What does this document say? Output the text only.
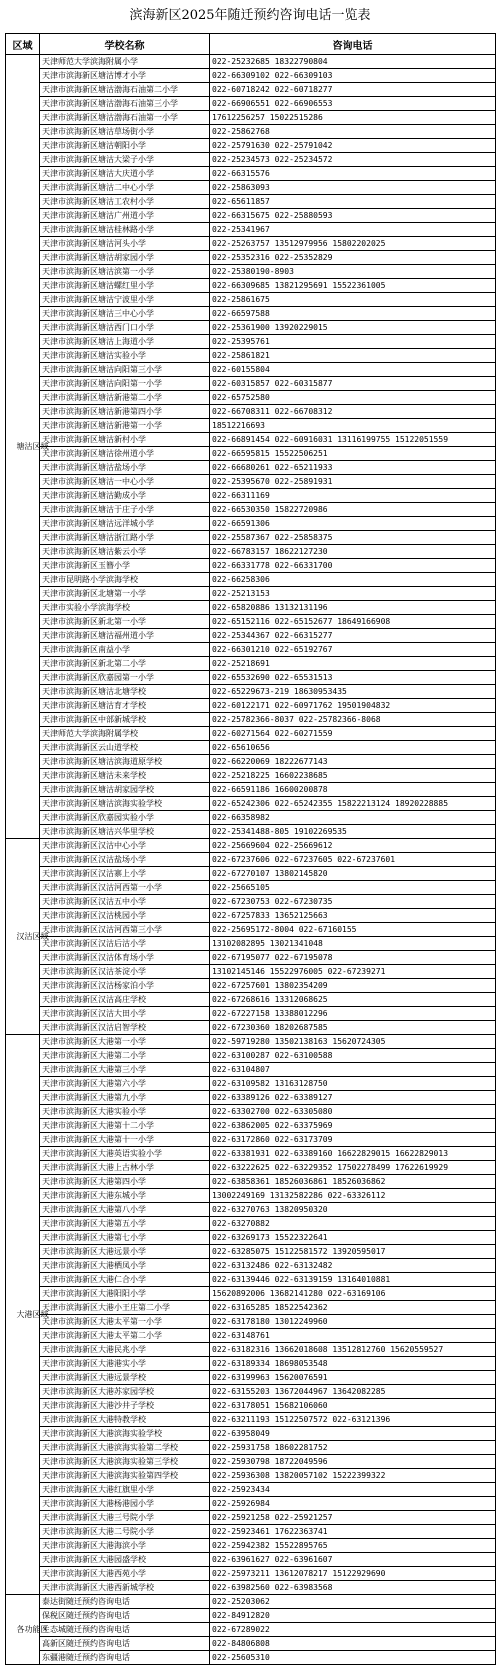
滨海新区2025年随迁预约咨询电话一览表
区域	学校名称	咨询电话
塘沽区域	天津师范大学滨海附属小学	022-25232685 18322790804
	天津市滨海新区塘沽博才小学	022-66309102 022-66309103
	天津市滨海新区塘沽渤海石油第二小学	022-60718242 022-60718277
	天津市滨海新区塘沽渤海石油第三小学	022-66906551 022-66906553
	天津市滨海新区塘沽渤海石油第一小学	17612256257 15022515286
	天津市滨海新区塘沽草场街小学	022-25862768
	天津市滨海新区塘沽朝阳小学	022-25791630 022-25791042
	天津市滨海新区塘沽大梁子小学	022-25234573 022-25234572
	天津市滨海新区塘沽大庆道小学	022-66315576
	天津市滨海新区塘沽二中心小学	022-25863093
	天津市滨海新区塘沽工农村小学	022-65611857
	天津市滨海新区塘沽广州道小学	022-66315675 022-25880593
	天津市滨海新区塘沽桂林路小学	022-25341967
	天津市滨海新区塘沽河头小学	022-25263757 13512979956 15802202025
	天津市滨海新区塘沽胡家园小学	022-25352316 022-25352829
	天津市滨海新区塘沽滨第一小学	022-25380190-8903
	天津市滨海新区塘沽螺红里小学	022-66309685 13821295691 15522361005
	天津市滨海新区塘沽宁波里小学	022-25861675
	天津市滨海新区塘沽三中心小学	022-66597588
	天津市滨海新区塘沽西门口小学	022-25361900 13920229015
	天津市滨海新区塘沽上海道小学	022-25395761
	天津市滨海新区塘沽实验小学	022-25861821
	天津市滨海新区塘沽向阳第三小学	022-60155804
	天津市滨海新区塘沽向阳第一小学	022-60315857 022-60315877
	天津市滨海新区塘沽新港第二小学	022-65752580
	天津市滨海新区塘沽新港第四小学	022-66708311 022-66708312
	天津市滨海新区塘沽新港第一小学	18512216693
	天津市滨海新区塘沽新村小学	022-66891454 022-60916031 13116199755 15122051559
	天津市滨海新区塘沽徐州道小学	022-66595815 15522506251
	天津市滨海新区塘沽盐场小学	022-66680261 022-65211933
	天津市滨海新区塘沽一中心小学	022-25395670 022-25891931
	天津市滨海新区塘沽勤成小学	022-66311169
	天津市滨海新区塘沽于庄子小学	022-66530350 15822720986
	天津市滨海新区塘沽远洋城小学	022-66591306
	天津市滨海新区塘沽浙江路小学	022-25587367 022-25858375
	天津市滨海新区塘沽紫云小学	022-66783157 18622127230
	天津市滨海新区玉簪小学	022-66331778 022-66331700
	天津市昆明路小学滨海学校	022-66258306
	天津市滨海新区北塘第一小学	022-25213153
	天津市实验小学滨海学校	022-65820886 13132131196
	天津市滨海新区新北第一小学	022-65152116 022-65152677 18649166908
	天津市滨海新区塘沽福州道小学	022-25344367 022-66315277
	天津市滨海新区南益小学	022-66301210 022-65192767
	天津市滨海新区新北第二小学	022-25218691
	天津市滨海新区欣嘉园第一小学	022-65532690 022-65531513
	天津市滨海新区塘沽北塘学校	022-65229673-219 18630953435
	天津市滨海新区塘沽育才学校	022-60122171 022-60971762 19501904832
	天津市滨海新区中部新城学校	022-25782366-8037 022-25782366-8068
	天津师范大学滨海附属学校	022-60271564 022-60271559
	天津市滨海新区云山道学校	022-65610656
	天津市滨海新区塘沽滨海道原学校	022-66220069 18222677143
	天津市滨海新区塘沽未来学校	022-25218225 16602238685
	天津市滨海新区塘沽胡家园学校	022-66591186 16600200878
	天津市滨海新区塘沽滨海实验学校	022-65242306 022-65242355 15822213124 18920228885
	天津市滨海新区欣嘉园实验小学	022-66358982
	天津市滨海新区塘沽兴华里学校	022-25341488-805 19102269535
汉沽区域	天津市滨海新区汉沽中心小学	022-25669604 022-25669612
	天津市滨海新区汉沽盐场小学	022-67237606 022-67237605 022-67237601
	天津市滨海新区汉沽寨上小学	022-67270107 13802145820
	天津市滨海新区汉沽河西第一小学	022-25665105
	天津市滨海新区汉沽五中小学	022-67230753 022-67230735
	天津市滨海新区汉沽桃园小学	022-67257833 13652125663
	天津市滨海新区汉沽河西第三小学	022-25695172-8004 022-67160155
	天津市滨海新区汉沽后沽小学	13102082895 13021341048
	天津市滨海新区汉沽体育场小学	022-67195077 022-67195078
	天津市滨海新区汉沽茶淀小学	13102145146 15522976005 022-67239271
	天津市滨海新区汉沽杨家泊小学	022-67257601 13802354209
	天津市滨海新区汉沽高庄学校	022-67268616 13312068625
	天津市滨海新区汉沽大田小学	022-67227158 13388012296
	天津市滨海新区汉沽启智学校	022-67230360 18202687585
大港区域	天津市滨海新区大港第一小学	022-59719280 13502138163 15620724305
	天津市滨海新区大港第二小学	022-63100287 022-63100588
	天津市滨海新区大港第三小学	022-63104807
	天津市滨海新区大港第六小学	022-63109582 13163128750
	天津市滨海新区大港第九小学	022-63389126 022-63389127
	天津市滨海新区大港实验小学	022-63302700 022-63305080
	天津市滨海新区大港第十二小学	022-63862005 022-63375969
	天津市滨海新区大港第十一小学	022-63172860 022-63173709
	天津市滨海新区大港英语实验小学	022-63381931 022-63389160 16622829015 16622829013
	天津市滨海新区大港上古林小学	022-63222625 022-63229352 17502278499 17622619929
	天津市滨海新区大港第四小学	022-63858361 18526036861 18526036862
	天津市滨海新区大港东城小学	13002249169 13132582286 022-63326112
	天津市滨海新区大港第八小学	022-63270763 13820950320
	天津市滨海新区大港第五小学	022-63270882
	天津市滨海新区大港第七小学	022-63269173 15522322641
	天津市滨海新区大港远景小学	022-63285075 15122581572 13920595017
	天津市滨海新区大港栖凤小学	022-63132486 022-63132482
	天津市滨海新区大港仁合小学	022-63139446 022-63139159 13164010881
	天津市滨海新区大港阳阳小学	15620892006 13682141280 022-63169106
	天津市滨海新区大港小王庄第二小学	022-63165285 18522542362
	天津市滨海新区大港太平第一小学	022-63178180 13012249960
	天津市滨海新区大港太平第二小学	022-63148761
	天津市滨海新区大港民兆小学	022-63182316 13662018608 13512812760 15620559527
	天津市滨海新区大港港实小学	022-63189334 18698053548
	天津市滨海新区大港远景学校	022-63199963 15620076591
	天津市滨海新区大港苏家园学校	022-63155203 13672044967 13642082285
	天津市滨海新区大港沙井子学校	022-63178051 15682106060
	天津市滨海新区大港特教学校	022-63211193 15122507572 022-63121396
	天津市滨海新区大港滨海实验学校	022-63958049
	天津市滨海新区大港滨海实验第二学校	022-25931758 18602281752
	天津市滨海新区大港滨海实验第三学校	022-25930798 18722049596
	天津市滨海新区大港滨海实验第四学校	022-25936308 13820057102 15222399322
	天津市滨海新区大港红旗里小学	022-25923434
	天津市滨海新区大港杨港园小学	022-25926984
	天津市滨海新区大港三号院小学	022-25921258 022-25921257
	天津市滨海新区大港二号院小学	022-25923461 17622363741
	天津市滨海新区大港海滨小学	022-25942382 15522895765
	天津市滨海新区大港园盛学校	022-63961627 022-63961607
	天津市滨海新区大港西苑小学	022-25973211 13612078217 15122929690
	天津市滨海新区大港西新城学校	022-63982560 022-63983568
各功能区	泰达街随迁预约咨询电话	022-25203062
	保税区随迁预约咨询电话	022-84912820
	生态城随迁预约咨询电话	022-67289022
	高新区随迁预约咨询电话	022-84806808
	东疆港随迁预约咨询电话	022-25605310
